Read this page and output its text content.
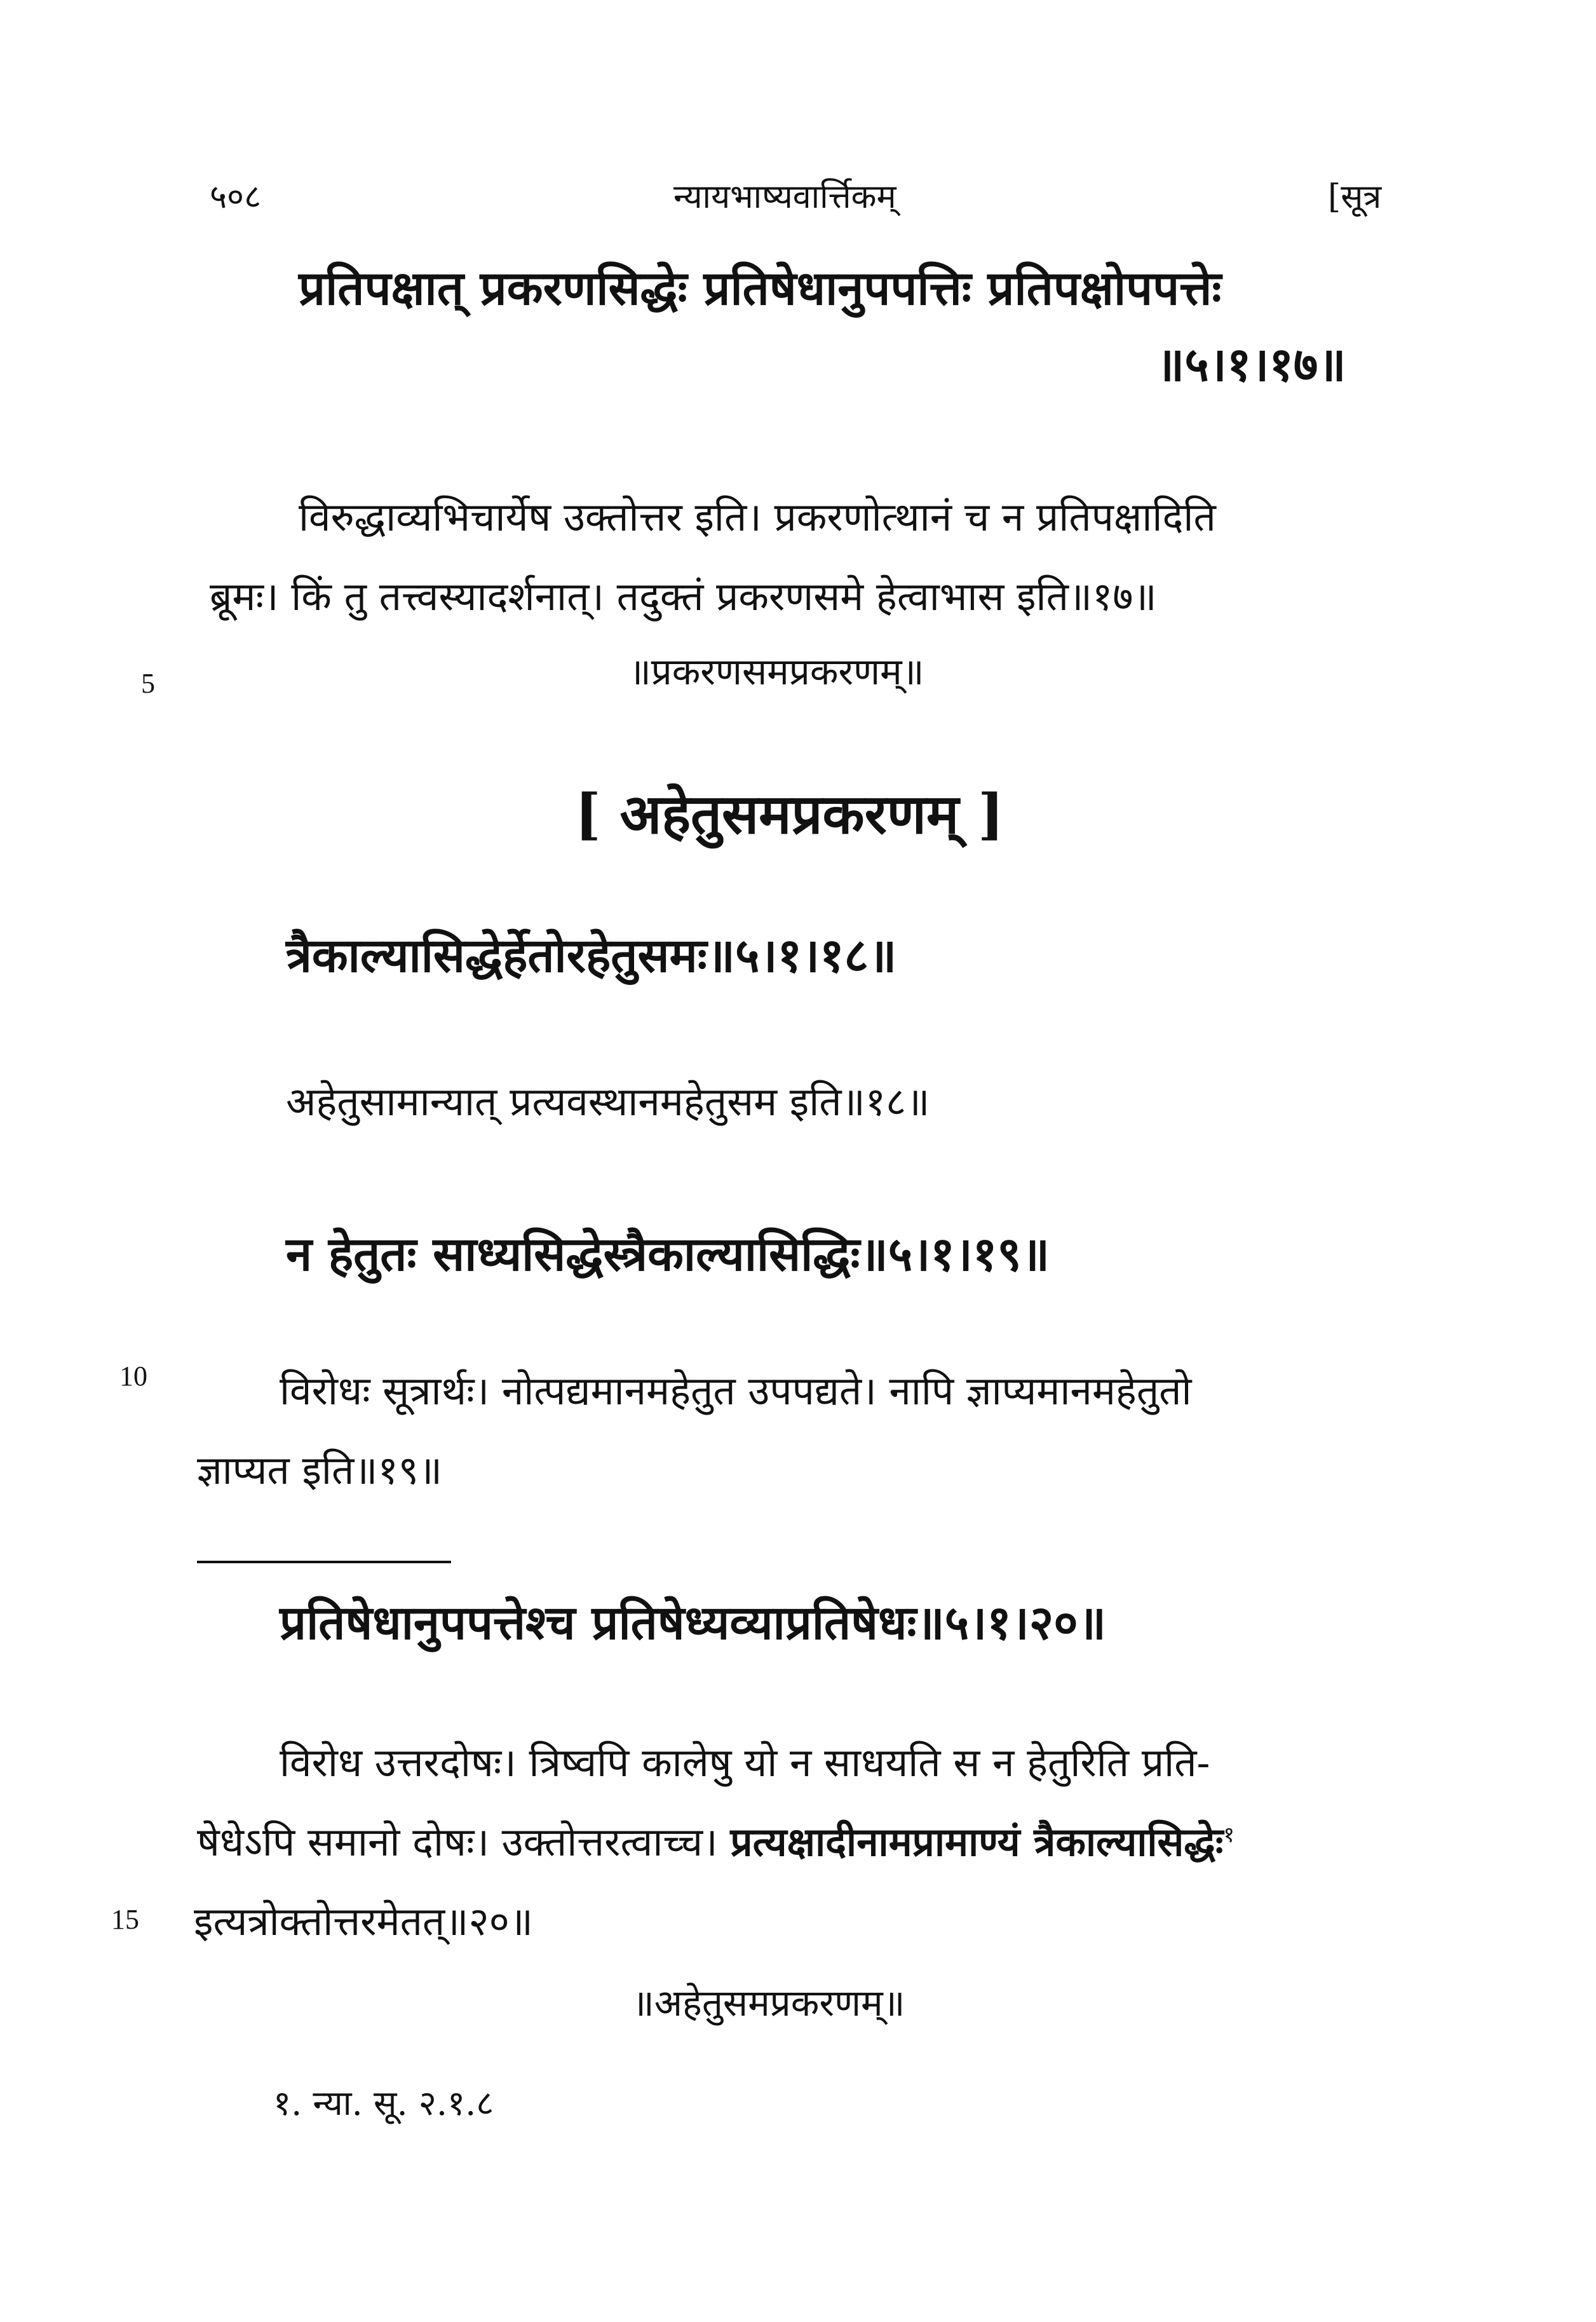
५०८	न्यायभाष्यवार्त्तिकम्	[सूत्र
प्रतिपक्षात् प्रकरणसिद्धेः प्रतिषेधानुपपत्तिः प्रतिपक्षोपपत्तेः
॥५।१।१७॥
विरुद्धाव्यभिचार्येष उक्तोत्तर इति। प्रकरणोत्थानं च न प्रतिपक्षादिति
ब्रूमः। किं तु तत्त्वस्यादर्शनात्। तदुक्तं प्रकरणसमे हेत्वाभास इति॥१७॥
5	॥प्रकरणसमप्रकरणम्॥
[ अहेतुसमप्रकरणम् ]
त्रैकाल्यासिद्धेर्हेतोरहेतुसमः॥५।१।१८॥
अहेतुसामान्यात् प्रत्यवस्थानमहेतुसम इति॥१८॥
न हेतुतः साध्यसिद्धेस्त्रैकाल्यासिद्धिः॥५।१।१९॥
10	विरोधः सूत्रार्थः। नोत्पद्यमानमहेतुत उपपद्यते। नापि ज्ञाप्यमानमहेतुतो
ज्ञाप्यत इति॥१९॥
प्रतिषेधानुपपत्तेश्च प्रतिषेध्यव्याप्रतिषेधः॥५।१।२०॥
विरोध उत्तरदोषः। त्रिष्वपि कालेषु यो न साधयति स न हेतुरिति प्रति-
षेधेऽपि समानो दोषः। उक्तोत्तरत्वाच्च। प्रत्यक्षादीनामप्रामाण्यं त्रैकाल्यासिद्धेः$^१$
15 इत्यत्रोक्तोत्तरमेतत्॥२०॥
॥अहेतुसमप्रकरणम्॥
१. न्या. सू. २.१.८
